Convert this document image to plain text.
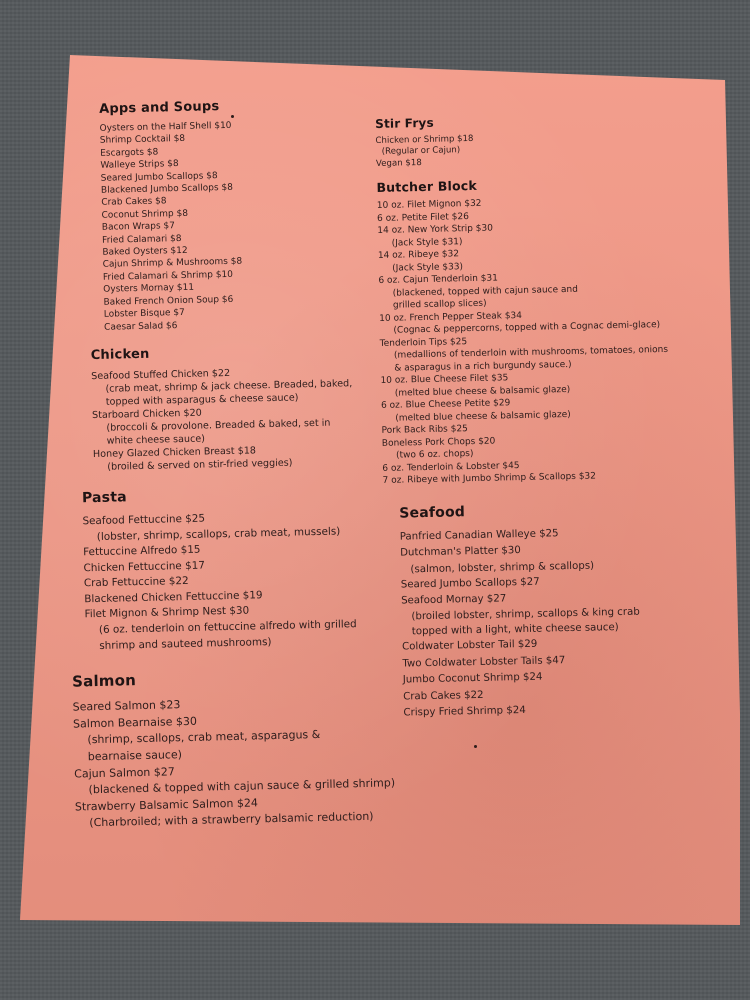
Apps and Soups
Oysters on the Half Shell $10
Shrimp Cocktail $8
Escargots $8
Walleye Strips $8
Seared Jumbo Scallops $8
Blackened Jumbo Scallops $8
Crab Cakes $8
Coconut Shrimp $8
Bacon Wraps $7
Fried Calamari $8
Baked Oysters $12
Cajun Shrimp & Mushrooms $8
Fried Calamari & Shrimp $10
Oysters Mornay $11
Baked French Onion Soup $6
Lobster Bisque $7
Caesar Salad $6
Chicken
Seafood Stuffed Chicken $22
(crab meat, shrimp & jack cheese. Breaded, baked,
topped with asparagus & cheese sauce)
Starboard Chicken $20
(broccoli & provolone. Breaded & baked, set in
white cheese sauce)
Honey Glazed Chicken Breast $18
(broiled & served on stir-fried veggies)
Pasta
Seafood Fettuccine $25
(lobster, shrimp, scallops, crab meat, mussels)
Fettuccine Alfredo $15
Chicken Fettuccine $17
Crab Fettuccine $22
Blackened Chicken Fettuccine $19
Filet Mignon & Shrimp Nest $30
(6 oz. tenderloin on fettuccine alfredo with grilled
shrimp and sauteed mushrooms)
Salmon
Seared Salmon $23
Salmon Bearnaise $30
(shrimp, scallops, crab meat, asparagus &
bearnaise sauce)
Cajun Salmon $27
(blackened & topped with cajun sauce & grilled shrimp)
Strawberry Balsamic Salmon $24
(Charbroiled; with a strawberry balsamic reduction)
Stir Frys
Chicken or Shrimp $18
(Regular or Cajun)
Vegan $18
Butcher Block
10 oz. Filet Mignon $32
6 oz. Petite Filet $26
14 oz. New York Strip $30
(Jack Style $31)
14 oz. Ribeye $32
(Jack Style $33)
6 oz. Cajun Tenderloin $31
(blackened, topped with cajun sauce and
grilled scallop slices)
10 oz. French Pepper Steak $34
(Cognac & peppercorns, topped with a Cognac demi-glace)
Tenderloin Tips $25
(medallions of tenderloin with mushrooms, tomatoes, onions
& asparagus in a rich burgundy sauce.)
10 oz. Blue Cheese Filet $35
(melted blue cheese & balsamic glaze)
6 oz. Blue Cheese Petite $29
(melted blue cheese & balsamic glaze)
Pork Back Ribs $25
Boneless Pork Chops $20
(two 6 oz. chops)
6 oz. Tenderloin & Lobster $45
7 oz. Ribeye with Jumbo Shrimp & Scallops $32
Seafood
Panfried Canadian Walleye $25
Dutchman's Platter $30
(salmon, lobster, shrimp & scallops)
Seared Jumbo Scallops $27
Seafood Mornay $27
(broiled lobster, shrimp, scallops & king crab
topped with a light, white cheese sauce)
Coldwater Lobster Tail $29
Two Coldwater Lobster Tails $47
Jumbo Coconut Shrimp $24
Crab Cakes $22
Crispy Fried Shrimp $24
